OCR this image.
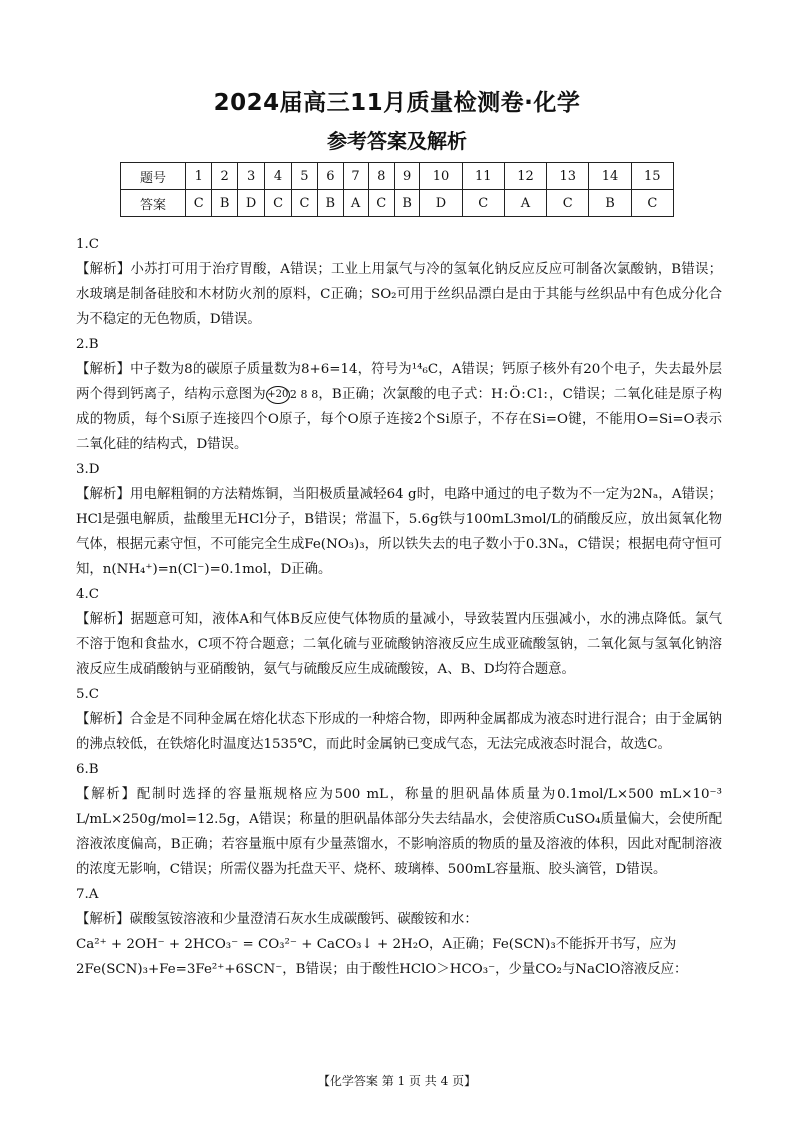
2024届高三11月质量检测卷·化学
参考答案及解析
题号	1	2	3	4	5	6	7	8	9	10	11	12	13	14	15
答案	C	B	D	C	C	B	A	C	B	D	C	A	C	B	C

1.C

【解析】小苏打可用于治疗胃酸，A错误；工业上用氯气与冷的氢氧化钠反应反应可制备次氯酸钠，B错误；水玻璃是制备硅胶和木材防火剂的原料，C正确；SO₂可用于丝织品漂白是由于其能与丝织品中有色成分化合为不稳定的无色物质，D错误。

2.B

【解析】中子数为8的碳原子质量数为8+6=14，符号为¹⁴₆C，A错误；钙原子核外有20个电子，失去最外层两个得到钙离子，结构示意图为+202 8 8，B正确；次氯酸的电子式：H:Ö:Cl:，C错误；二氧化硅是原子构成的物质，每个Si原子连接四个O原子，每个O原子连接2个Si原子，不存在Si=O键，不能用O=Si=O表示二氧化硅的结构式，D错误。

3.D

【解析】用电解粗铜的方法精炼铜，当阳极质量减轻64 g时，电路中通过的电子数为不一定为2Nₐ，A错误；HCl是强电解质，盐酸里无HCl分子，B错误；常温下，5.6g铁与100mL3mol/L的硝酸反应，放出氮氧化物气体，根据元素守恒，不可能完全生成Fe(NO₃)₃，所以铁失去的电子数小于0.3Nₐ，C错误；根据电荷守恒可知，n(NH₄⁺)=n(Cl⁻)=0.1mol，D正确。

4.C

【解析】据题意可知，液体A和气体B反应使气体物质的量减小，导致装置内压强减小，水的沸点降低。氯气不溶于饱和食盐水，C项不符合题意；二氧化硫与亚硫酸钠溶液反应生成亚硫酸氢钠，二氧化氮与氢氧化钠溶液反应生成硝酸钠与亚硝酸钠，氨气与硫酸反应生成硫酸铵，A、B、D均符合题意。

5.C

【解析】合金是不同种金属在熔化状态下形成的一种熔合物，即两种金属都成为液态时进行混合；由于金属钠的沸点较低，在铁熔化时温度达1535℃，而此时金属钠已变成气态，无法完成液态时混合，故选C。

6.B

【解析】配制时选择的容量瓶规格应为500 mL，称量的胆矾晶体质量为0.1mol/L×500 mL×10⁻³ L/mL×250g/mol=12.5g，A错误；称量的胆矾晶体部分失去结晶水，会使溶质CuSO₄质量偏大，会使所配溶液浓度偏高，B正确；若容量瓶中原有少量蒸馏水，不影响溶质的物质的量及溶液的体积，因此对配制溶液的浓度无影响，C错误；所需仪器为托盘天平、烧杯、玻璃棒、500mL容量瓶、胶头滴管，D错误。

7.A

【解析】碳酸氢铵溶液和少量澄清石灰水生成碳酸钙、碳酸铵和水：

Ca²⁺ + 2OH⁻ + 2HCO₃⁻ = CO₃²⁻ + CaCO₃↓ + 2H₂O，A正确；Fe(SCN)₃不能拆开书写，应为

2Fe(SCN)₃+Fe=3Fe²⁺+6SCN⁻，B错误；由于酸性HClO＞HCO₃⁻，少量CO₂与NaClO溶液反应：

【化学答案 第 1 页 共 4 页】
